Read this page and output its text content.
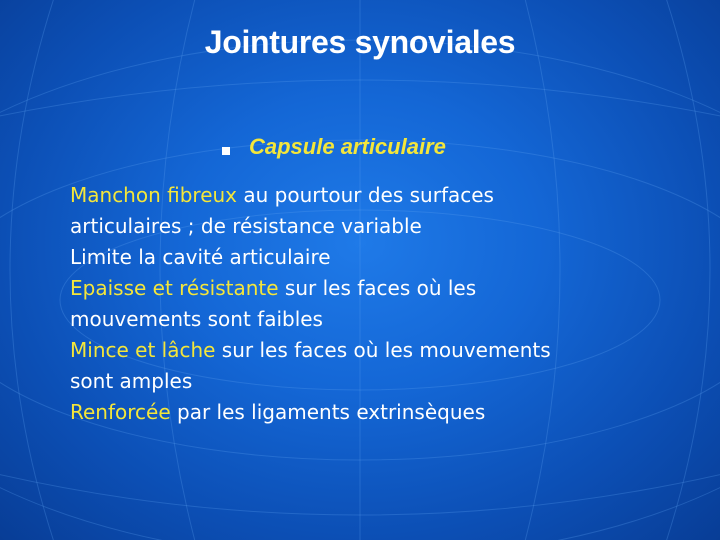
Jointures synoviales
Capsule articulaire
Manchon fibreux au pourtour des surfaces
articulaires ; de résistance variable
Limite la cavité articulaire
Epaisse et résistante sur les faces où les
mouvements sont faibles
Mince et lâche sur les faces où les mouvements
sont amples
Renforcée par les ligaments extrinsèques
